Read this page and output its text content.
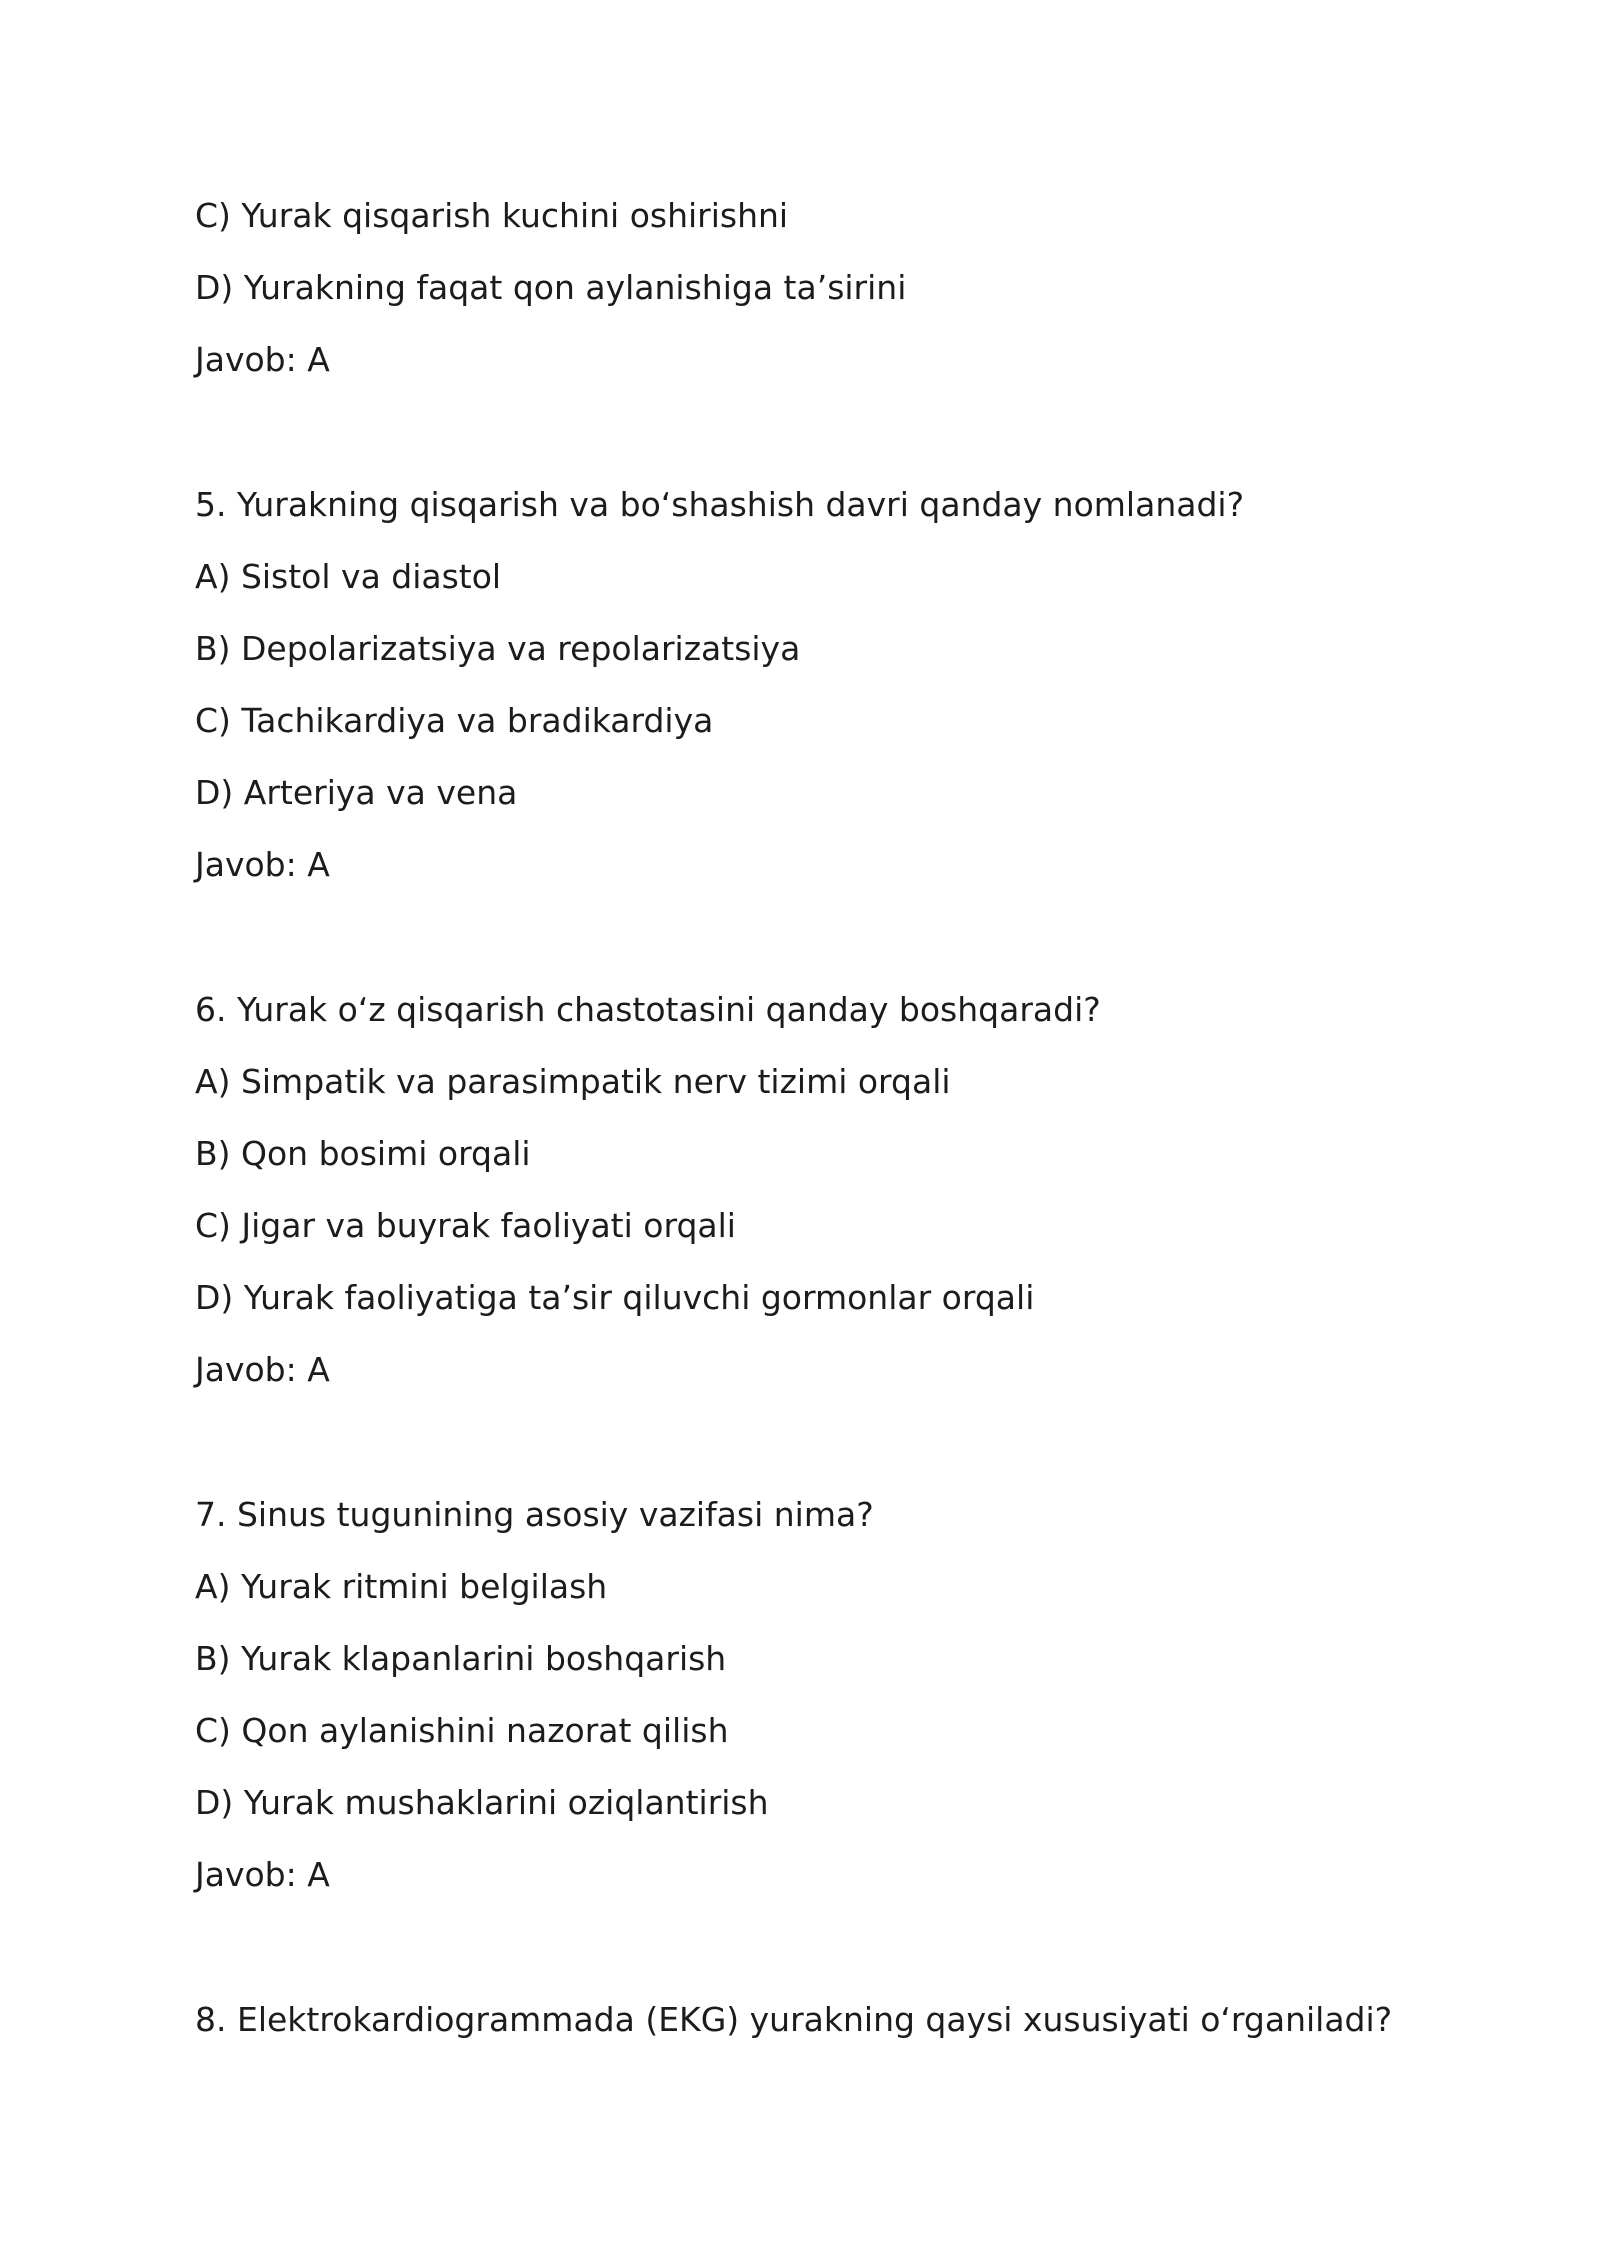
C) Yurak qisqarish kuchini oshirishni
D) Yurakning faqat qon aylanishiga ta’sirini
Javob: A
5. Yurakning qisqarish va bo‘shashish davri qanday nomlanadi?
A) Sistol va diastol
B) Depolarizatsiya va repolarizatsiya
C) Tachikardiya va bradikardiya
D) Arteriya va vena
Javob: A
6. Yurak o‘z qisqarish chastotasini qanday boshqaradi?
A) Simpatik va parasimpatik nerv tizimi orqali
B) Qon bosimi orqali
C) Jigar va buyrak faoliyati orqali
D) Yurak faoliyatiga ta’sir qiluvchi gormonlar orqali
Javob: A
7. Sinus tugunining asosiy vazifasi nima?
A) Yurak ritmini belgilash
B) Yurak klapanlarini boshqarish
C) Qon aylanishini nazorat qilish
D) Yurak mushaklarini oziqlantirish
Javob: A
8. Elektrokardiogrammada (EKG) yurakning qaysi xususiyati o‘rganiladi?
